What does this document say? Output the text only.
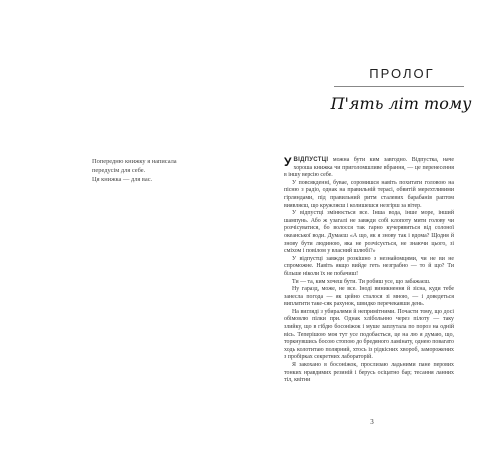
ПРОЛОГ
П'ять літ тому
Попередню книжку я написала
передусім для себе.
Ця книжка — для вас.

УВІДПУСТЦІ можна бути ким завгодно. Відпустка, наче хороша книжка чи приголомшливе вбрання, — це перенесення в іншу версію себе.

У повсякденні, бувае, соромишся навіть похитати головою на пісню з радіо, однак на правильній терасі, обвитій мерехтливими гірляндами, під правильний ритм сталевих барабанів раптом виявляєш, що кружляєш і колишешся незгірш за вітер.

У відпустці змінюється все. Інша вода, інше море, інший шампунь. Або ж узагалі не завжди собі клопоту мити голову чи розчісуватися, бо волосся так гарно кучерявиться від солоної океанської води. Думаєш «А що, як я знову так і вдома? Щодня й знову бути людиною, яка не розчісується, не знаючи цього, зі сміхом і повілом у власний шлюбі?»

У відпустці завжди розкішно з незнайомцями, чи не ви не спроможне. Навіть якщо вийде геть незграбно — то й що? Ти більше ніколи їх не побачиш!

Ти — та, ким хочеш бути. Ти робиш усе, що забажаєш.

Ну гаразд, може, не все. Іноді виникнення й зісна, куди тебе занесла погода — як цейно сталося зі мною, — і доведеться виплатити таке-сяк рахунок, швидко перечекавши день.

На вигляді з убиралями й непримітними. Почасти тому, що досі обімовлю пілки при. Однак хлібольнно через пілоту — таку злийку, що в гібдю босоніжок і муше заплутала по пороз на одній вісь. Теперішою моя тут усе подобається, це на лю я думаю, що, торкнувшись босою стопою до бредяного ламінату, однею повагато ходь колотитаю полярний, хтось із рідкісних хвороб, заморожених з пробірках секретних лабораторій.

Я закохано в босоніжок, прослизаю ладьними пане перових тонких нравдимих резиній і берусь осіцатно бар; тесання ланних тіл, квітни

3
